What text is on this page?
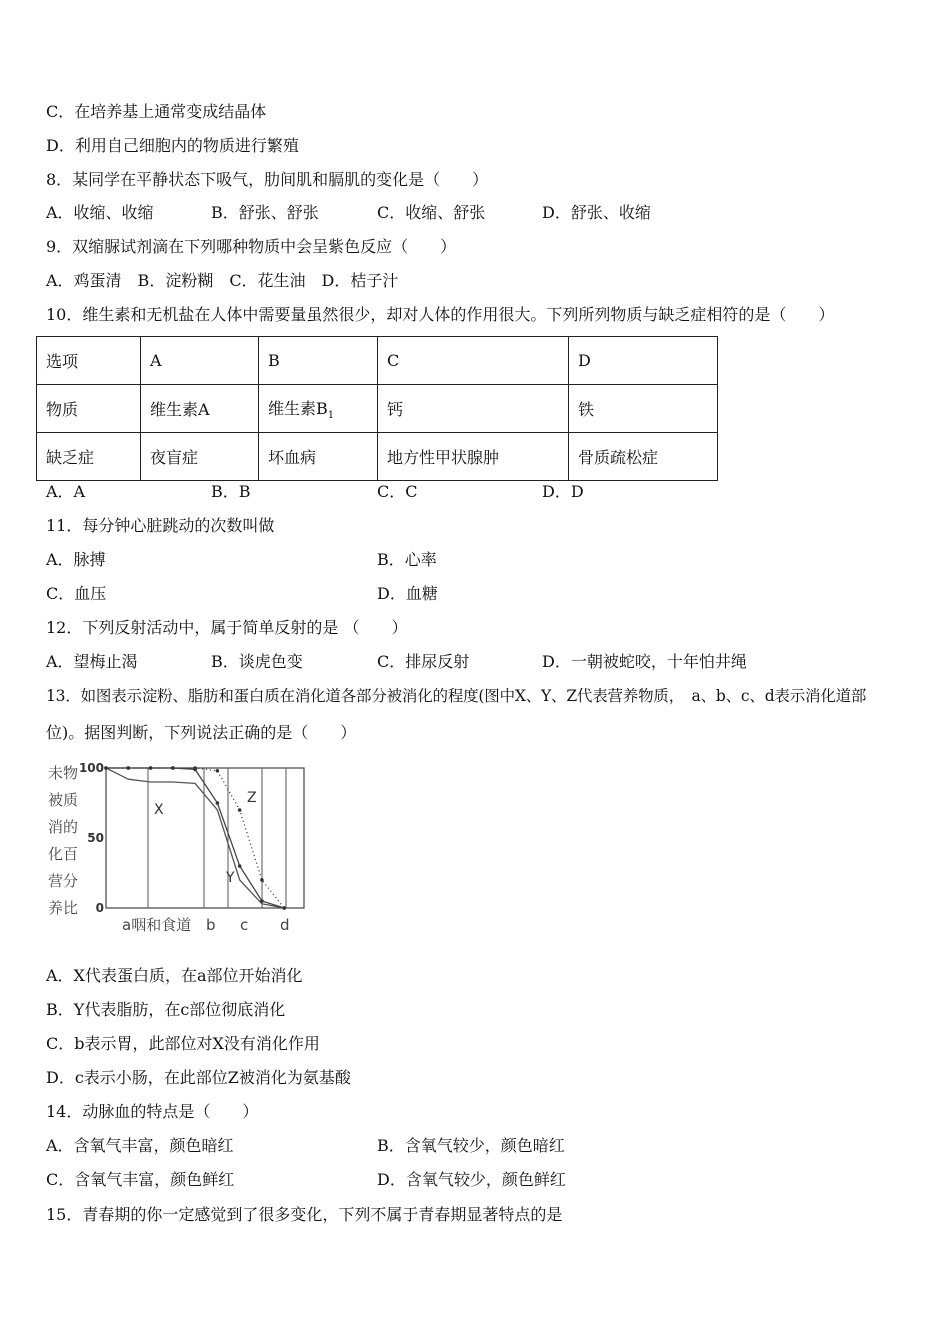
C．在培养基上通常变成结晶体
D．利用自己细胞内的物质进行繁殖
8．某同学在平静状态下吸气，肋间肌和膈肌的变化是（　　）
A．收缩、收缩	B．舒张、舒张	C．收缩、舒张	D．舒张、收缩
9．双缩脲试剂滴在下列哪种物质中会呈紫色反应（　　）
A．鸡蛋清　B．淀粉糊　C．花生油　D．桔子汁
10．维生素和无机盐在人体中需要量虽然很少，却对人体的作用很大。下列所列物质与缺乏症相符的是（　　）
选项	A	B	C	D
物质	维生素A	维生素$B_1$	钙	铁
缺乏症	夜盲症	坏血病	地方性甲状腺肿	骨质疏松症
A．A	B．B	C．C	D．D
11．每分钟心脏跳动的次数叫做
A．脉搏	B．心率
C．血压	D．血糖
12．下列反射活动中，属于简单反射的是 （　　）
A．望梅止渴	B．谈虎色变	C．排尿反射	D．一朝被蛇咬，十年怕井绳
13．如图表示淀粉、脂肪和蛋白质在消化道各部分被消化的程度(图中X、Y、Z代表营养物质，　a、b、c、d表示消化道部
位)。据图判断，下列说法正确的是（　　）
未物
被质
消的
化百
营分
养比
100
50
0
X
Y
Z
a咽和食道 b c d
A．X代表蛋白质，在a部位开始消化
B．Y代表脂肪，在c部位彻底消化
C．b表示胃，此部位对X没有消化作用
D．c表示小肠，在此部位Z被消化为氨基酸
14．动脉血的特点是（　　）
A．含氧气丰富，颜色暗红	B．含氧气较少，颜色暗红
C．含氧气丰富，颜色鲜红	D．含氧气较少，颜色鲜红
15．青春期的你一定感觉到了很多变化，下列不属于青春期显著特点的是
